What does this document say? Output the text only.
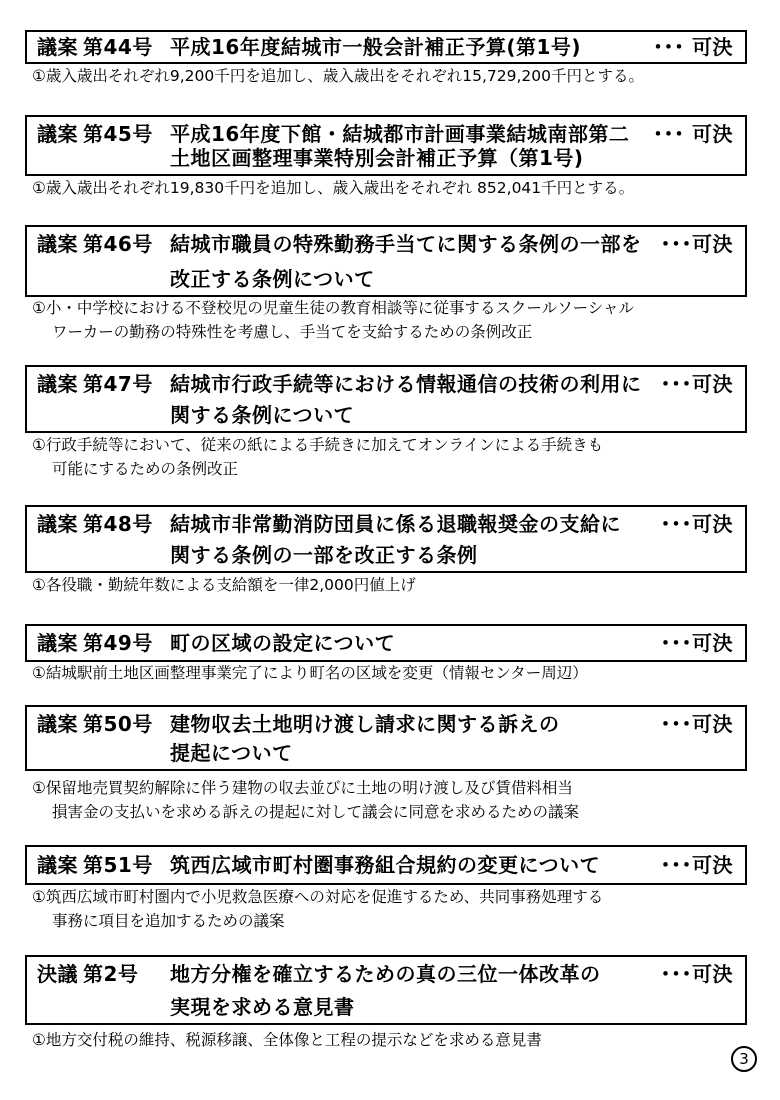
議案 第44号 平成16年度結城市一般会計補正予算(第1号)	･･･ 可決
①歳入歳出それぞれ9,200千円を追加し、歳入歳出をそれぞれ15,729,200千円とする。
議案 第45号 平成16年度下館・結城都市計画事業結城南部第二
土地区画整理事業特別会計補正予算（第1号)
･･･ 可決
①歳入歳出それぞれ19,830千円を追加し、歳入歳出をそれぞれ 852,041千円とする。
議案 第46号 結城市職員の特殊勤務手当てに関する条例の一部を
改正する条例について
･･･可決
①小・中学校における不登校児の児童生徒の教育相談等に従事するスクールソーシャル
ワーカーの勤務の特殊性を考慮し、手当てを支給するための条例改正
議案 第47号 結城市行政手続等における情報通信の技術の利用に
関する条例について
･･･可決
①行政手続等において、従来の紙による手続きに加えてオンラインによる手続きも
可能にするための条例改正
議案 第48号 結城市非常勤消防団員に係る退職報奨金の支給に
関する条例の一部を改正する条例
･･･可決
①各役職・勤続年数による支給額を一律2,000円値上げ
議案 第49号 町の区域の設定について	･･･可決
①結城駅前土地区画整理事業完了により町名の区域を変更（情報センター周辺）
議案 第50号 建物収去土地明け渡し請求に関する訴えの
提起について
･･･可決
①保留地売買契約解除に伴う建物の収去並びに土地の明け渡し及び賃借料相当
損害金の支払いを求める訴えの提起に対して議会に同意を求めるための議案
議案 第51号 筑西広域市町村圏事務組合規約の変更について	･･･可決
①筑西広域市町村圏内で小児救急医療への対応を促進するため、共同事務処理する
事務に項目を追加するための議案
決議 第2号 地方分権を確立するための真の三位一体改革の
実現を求める意見書
･･･可決
①地方交付税の維持、税源移譲、全体像と工程の提示などを求める意見書
3
